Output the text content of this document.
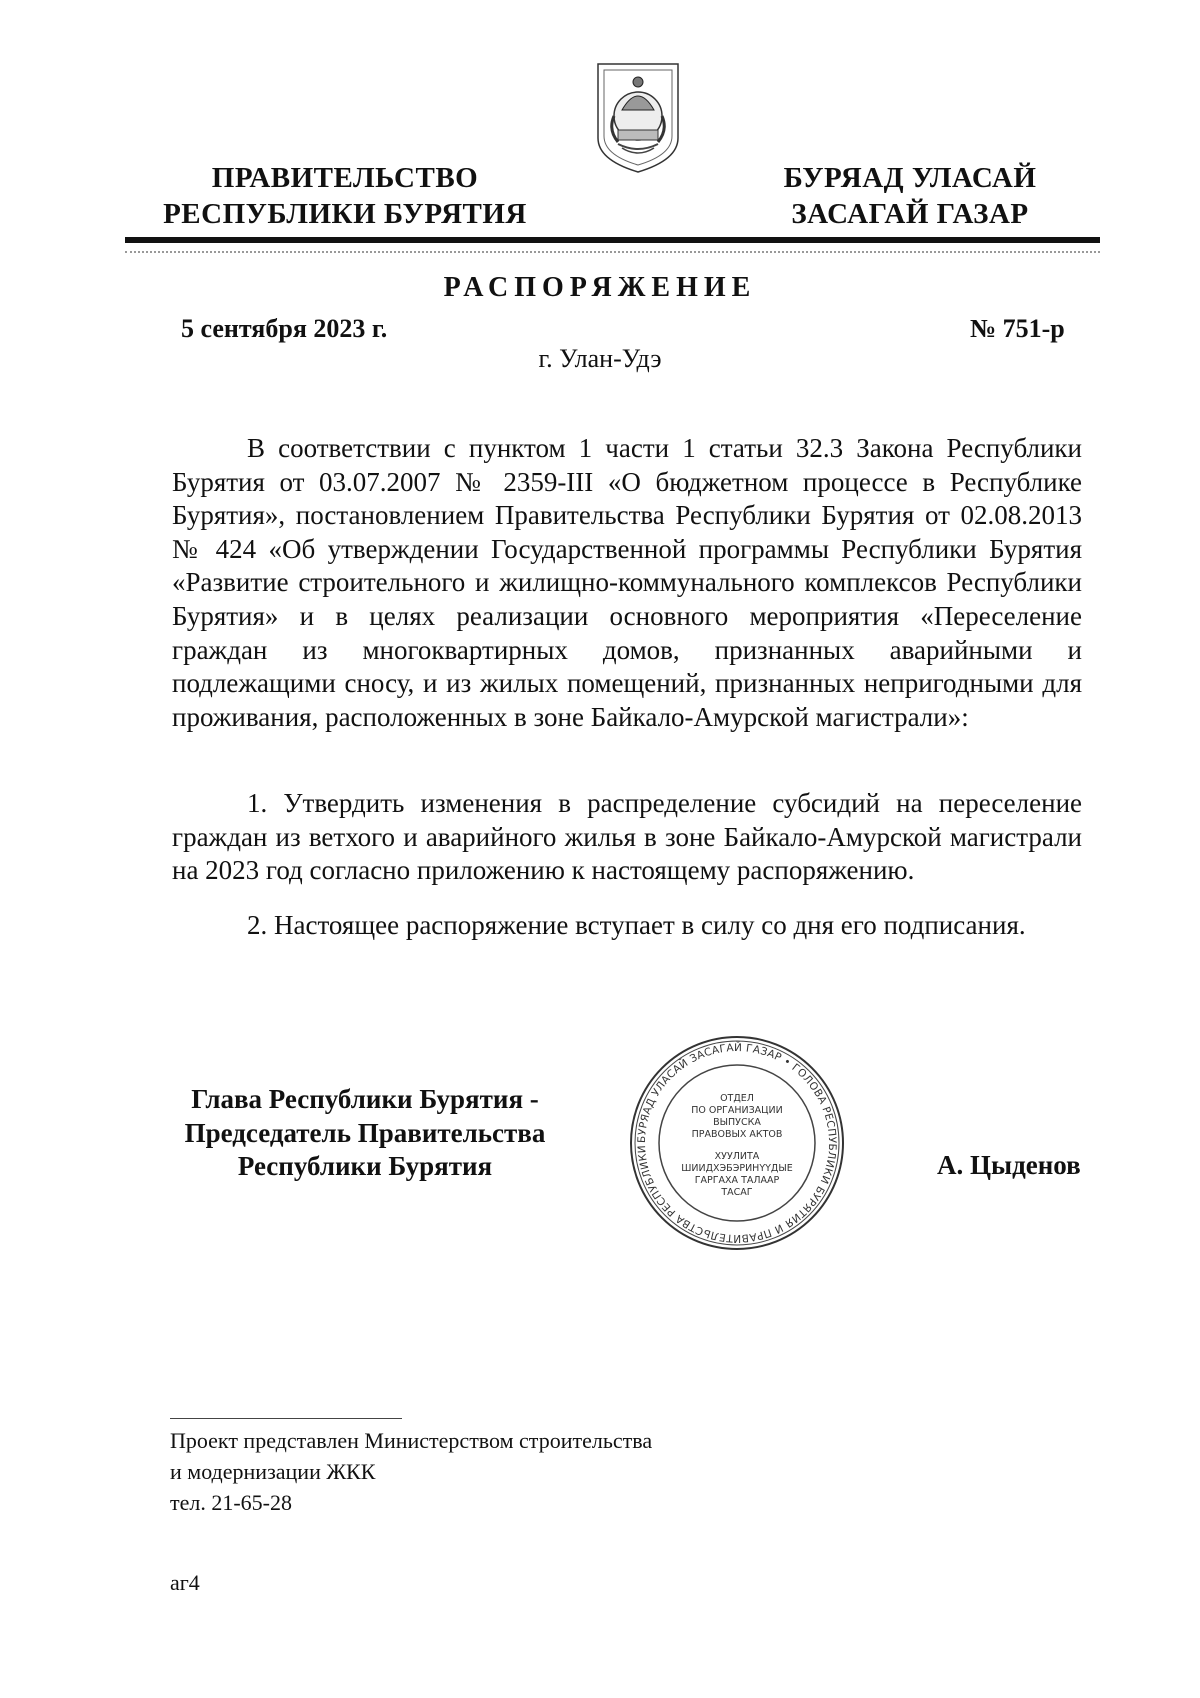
ПРАВИТЕЛЬСТВО
РЕСПУБЛИКИ БУРЯТИЯ
БУРЯАД УЛАСАЙ
ЗАСАГАЙ ГАЗАР
РАСПОРЯЖЕНИЕ
5 сентября 2023 г.	№ 751-р
г. Улан-Удэ

В соответствии с пунктом 1 части 1 статьи 32.3 Закона Республики Бурятия от 03.07.2007 № 2359-III «О бюджетном процессе в Республике Бурятия», постановлением Правительства Республики Бурятия от 02.08.2013 № 424 «Об утверждении Государственной программы Республики Бурятия «Развитие строительного и жилищно-коммунального комплексов Республики Бурятия» и в целях реализации основного мероприятия «Переселение граждан из многоквартирных домов, признанных аварийными и подлежащими сносу, и из жилых помещений, признанных непригодными для проживания, расположенных в зоне Байкало-Амурской магистрали»:

1. Утвердить изменения в распределение субсидий на переселение граждан из ветхого и аварийного жилья в зоне Байкало-Амурской магистрали на 2023 год согласно приложению к настоящему распоряжению.

2. Настоящее распоряжение вступает в силу со дня его подписания.

Глава Республики Бурятия -
Председатель Правительства
Республики Бурятия
БУРЯАД УЛАСАЙ ЗАСАГАЙ ГАЗАР • ГОЛОВА РЕСПУБЛИКИ БУРЯТИЯ И ПРАВИТЕЛЬСТВА РЕСПУБЛИКИ
ОТДЕЛ
ПО ОРГАНИЗАЦИИ
ВЫПУСКА
ПРАВОВЫХ АКТОВ
ХУУЛИТА
ШИИДХЭБЭРИНҮҮДЫЕ
ГАРГАХА ТАЛААР
ТАСАГ
А. Цыденов
Проект представлен Министерством строительства
и модернизации ЖКК
тел. 21-65-28
аг4
